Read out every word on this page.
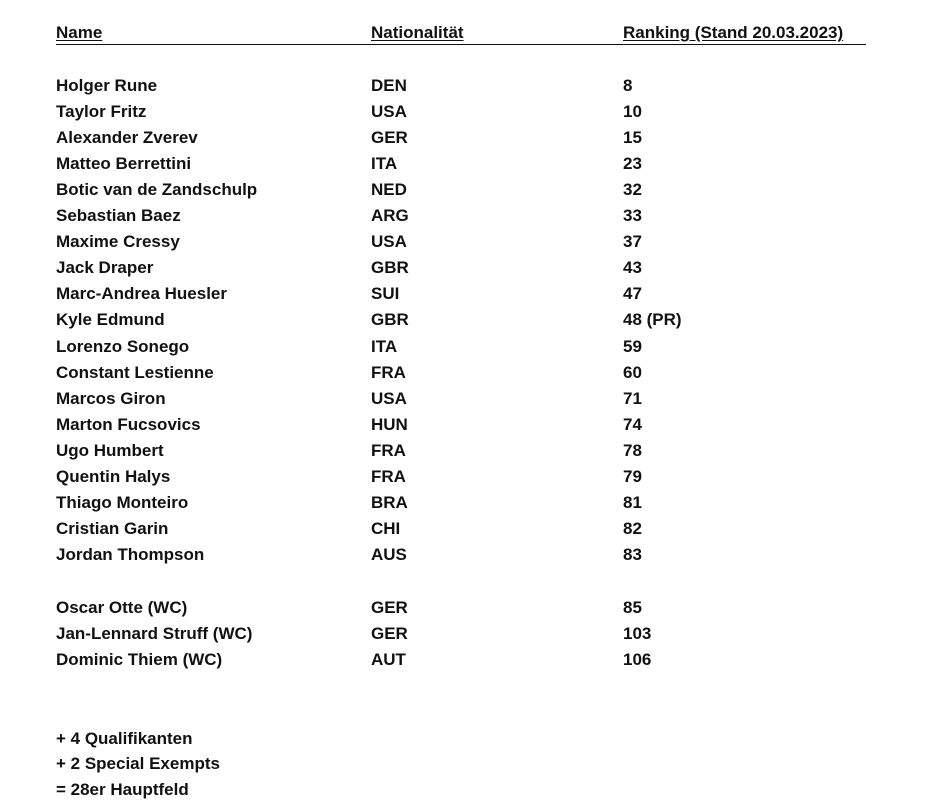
Name	Nationalität	Ranking (Stand 20.03.2023)
Holger Rune	DEN	8
Taylor Fritz	USA	10
Alexander Zverev	GER	15
Matteo Berrettini	ITA	23
Botic van de Zandschulp	NED	32
Sebastian Baez	ARG	33
Maxime Cressy	USA	37
Jack Draper	GBR	43
Marc-Andrea Huesler	SUI	47
Kyle Edmund	GBR	48 (PR)
Lorenzo Sonego	ITA	59
Constant Lestienne	FRA	60
Marcos Giron	USA	71
Marton Fucsovics	HUN	74
Ugo Humbert	FRA	78
Quentin Halys	FRA	79
Thiago Monteiro	BRA	81
Cristian Garin	CHI	82
Jordan Thompson	AUS	83
Oscar Otte (WC)	GER	85
Jan-Lennard Struff (WC)	GER	103
Dominic Thiem (WC)	AUT	106
+ 4 Qualifikanten
+ 2 Special Exempts
= 28er Hauptfeld
